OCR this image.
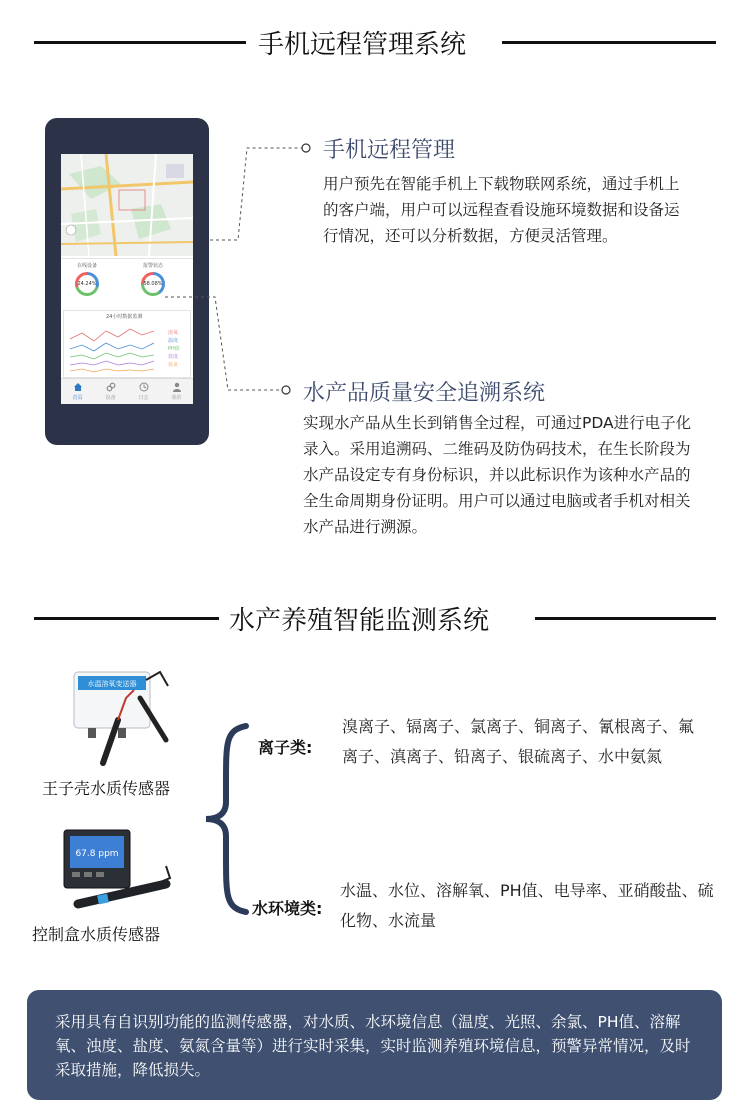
手机远程管理系统
在线设备
24.24%
报警状态
58.08%
24小时数据监测
溶氧
温度
PH值
盐度
氨氮
首页	设备	日志	我的
手机远程管理
用户预先在智能手机上下载物联网系统，通过手机上的客户端，用户可以远程查看设施环境数据和设备运行情况，还可以分析数据，方便灵活管理。
水产品质量安全追溯系统
实现水产品从生长到销售全过程，可通过PDA进行电子化录入。采用追溯码、二维码及防伪码技术，在生长阶段为水产品设定专有身份标识，并以此标识作为该种水产品的全生命周期身份证明。用户可以通过电脑或者手机对相关水产品进行溯源。
水产养殖智能监测系统
水温溶氧变送器
王子壳水质传感器
67.8 ppm
控制盒水质传感器
离子类:
溴离子、镉离子、氯离子、铜离子、氰根离子、氟离子、滇离子、铅离子、银硫离子、水中氨氮
水环境类:
水温、水位、溶解氧、PH值、电导率、亚硝酸盐、硫化物、水流量
采用具有自识别功能的监测传感器，对水质、水环境信息（温度、光照、余氯、PH值、溶解氧、浊度、盐度、氨氮含量等）进行实时采集，实时监测养殖环境信息，预警异常情况，及时采取措施，降低损失。
